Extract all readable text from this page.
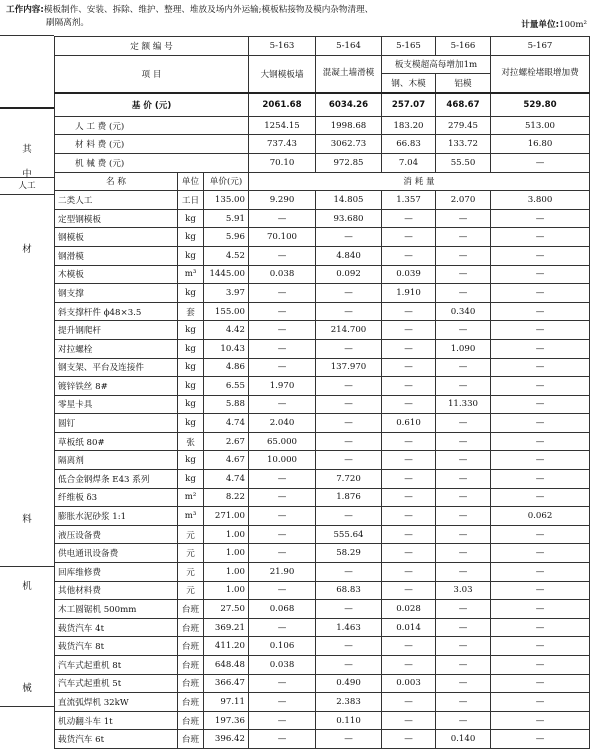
工作内容:模板制作、安装、拆除、维护、整理、堆放及场内外运输;模板粘接物及模内杂物清理、
刷隔离剂。	计量单位:100m²
其
中
人工
材
料
机
械
定 额 编 号			5-163	5-164	5-165	5-166	5-167
项 目			大钢模板墙	混凝土墙滑模	板支模超高每增加1m		对拉螺栓堵眼增加费
					钢、木模	铝模	
基 价 (元)			2061.68	6034.26	257.07	468.67	529.80
人 工 费 (元)			1254.15	1998.68	183.20	279.45	513.00
材 料 费 (元)			737.43	3062.73	66.83	133.72	16.80
机 械 费 (元)			70.10	972.85	7.04	55.50	—
名 称	单位	单价(元)	消 耗 量				
二类人工	工日	135.00	9.290	14.805	1.357	2.070	3.800
定型钢模板	kg	5.91	—	93.680	—	—	—
钢模板	kg	5.96	70.100	—	—	—	—
钢滑模	kg	4.52	—	4.840	—	—	—
木模板	m³	1445.00	0.038	0.092	0.039	—	—
钢支撑	kg	3.97	—	—	1.910	—	—
斜支撑杆件 ϕ48×3.5	套	155.00	—	—	—	0.340	—
提升钢爬杆	kg	4.42	—	214.700	—	—	—
对拉螺栓	kg	10.43	—	—	—	1.090	—
钢支架、平台及连接件	kg	4.86	—	137.970	—	—	—
镀锌铁丝 8#	kg	6.55	1.970	—	—	—	—
零星卡具	kg	5.88	—	—	—	11.330	—
圆钉	kg	4.74	2.040	—	0.610	—	—
草板纸 80#	张	2.67	65.000	—	—	—	—
隔离剂	kg	4.67	10.000	—	—	—	—
低合金钢焊条 E43 系列	kg	4.74	—	7.720	—	—	—
纤维板 δ3	m²	8.22	—	1.876	—	—	—
膨胀水泥砂浆 1:1	m³	271.00	—	—	—	—	0.062
液压设备费	元	1.00	—	555.64	—	—	—
供电通讯设备费	元	1.00	—	58.29	—	—	—
回库维修费	元	1.00	21.90	—	—	—	—
其他材料费	元	1.00	—	68.83	—	3.03	—
木工圆锯机 500mm	台班	27.50	0.068	—	0.028	—	—
载货汽车 4t	台班	369.21	—	1.463	0.014	—	—
载货汽车 8t	台班	411.20	0.106	—	—	—	—
汽车式起重机 8t	台班	648.48	0.038	—	—	—	—
汽车式起重机 5t	台班	366.47	—	0.490	0.003	—	—
直流弧焊机 32kW	台班	97.11	—	2.383	—	—	—
机动翻斗车 1t	台班	197.36	—	0.110	—	—	—
载货汽车 6t	台班	396.42	—	—	—	0.140	—
